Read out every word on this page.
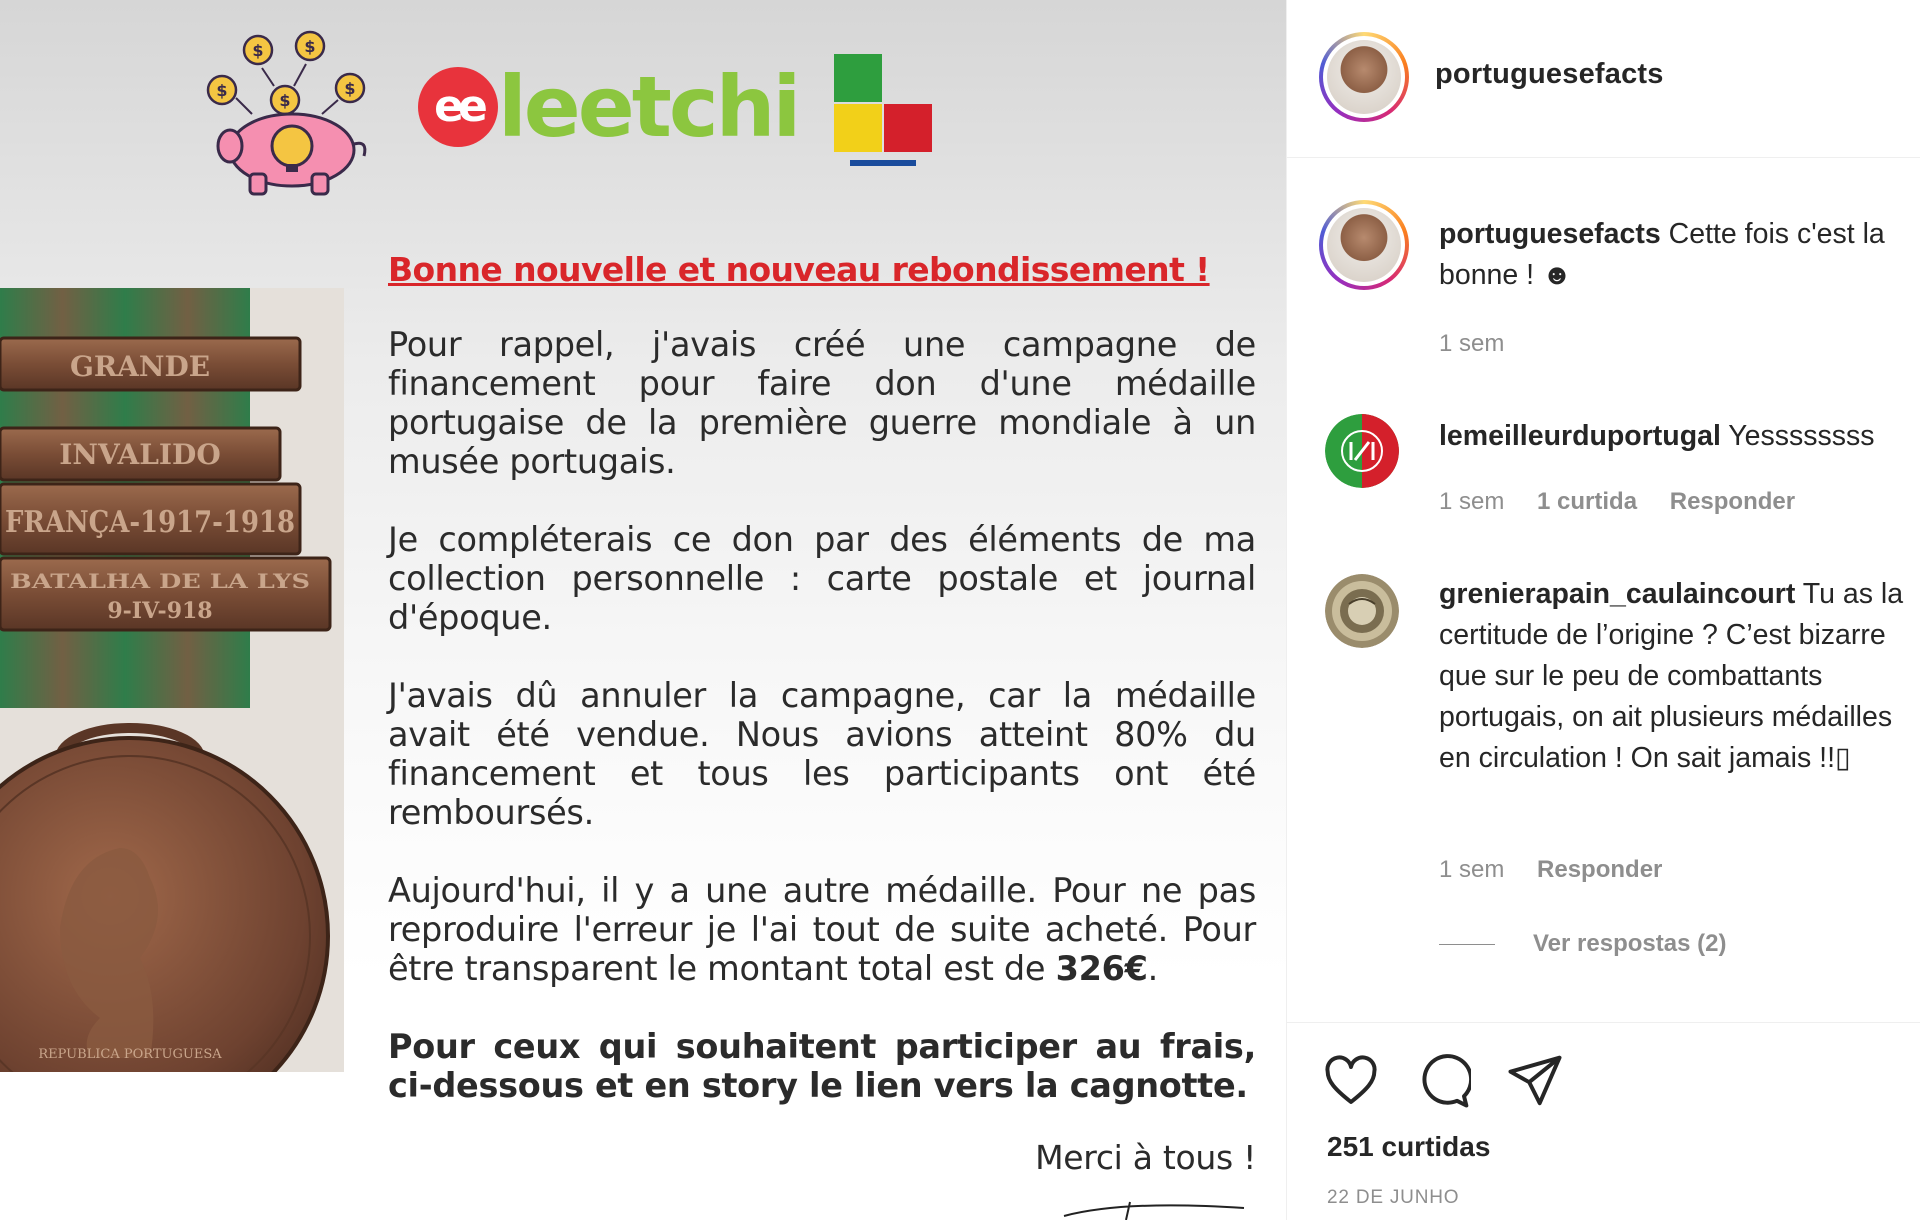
$	$
$	$
$	ee leetchi
GRANDE
INVALIDO
FRANÇA-1917-1918
BATALHA DE LA LYS
9-IV-918
REPUBLICA PORTUGUESA
Bonne nouvelle et nouveau rebondissement !
Pour rappel, j'avais créé une campagne de financement pour faire don d'une médaille portugaise de la première guerre mondiale à un musée portugais.
Je compléterais ce don par des éléments de ma collection personnelle : carte postale et journal d'époque.
J'avais dû annuler la campagne, car la médaille avait été vendue. Nous avions atteint 80% du financement et tous les participants ont été remboursés.
Aujourd'hui, il y a une autre médaille. Pour ne pas reproduire l'erreur je l'ai tout de suite acheté. Pour être transparent le montant total est de 326€.
Pour ceux qui souhaitent participer au frais, ci-dessous et en story le lien vers la cagnotte.
Merci à tous !
portuguesefacts
portuguesefacts Cette fois c'est la bonne ! ☻
1 sem
lemeilleurduportugal Yessssssss
1 sem 1 curtida Responder
grenierapain_caulaincourt Tu as la certitude de l’origine ? C’est bizarre que sur le peu de combattants portugais, on ait plusieurs médailles en circulation ! On sait jamais !!▯
1 sem Responder
Ver respostas (2)
251 curtidas
22 DE JUNHO
